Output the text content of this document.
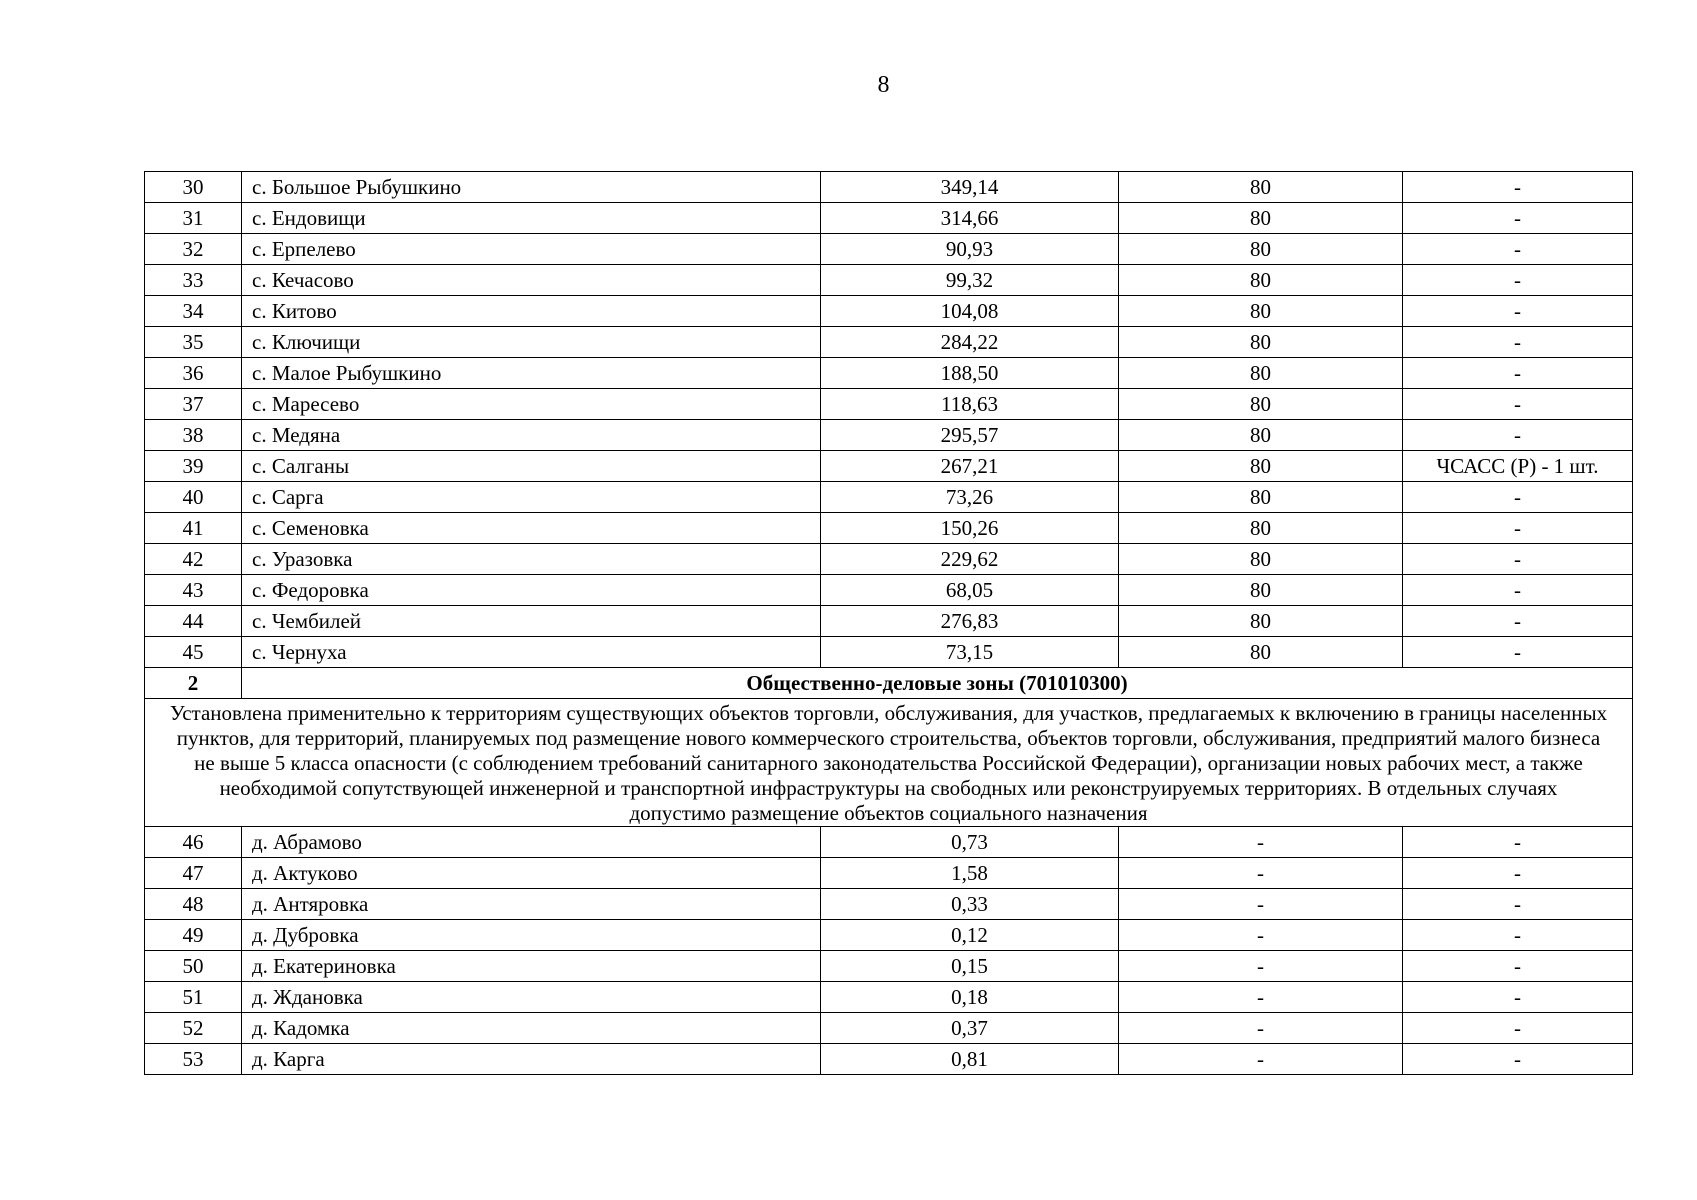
8
30	с. Большое Рыбушкино	349,14	80	-
31	с. Ендовищи	314,66	80	-
32	с. Ерпелево	90,93	80	-
33	с. Кечасово	99,32	80	-
34	с. Китово	104,08	80	-
35	с. Ключищи	284,22	80	-
36	с. Малое Рыбушкино	188,50	80	-
37	с. Маресево	118,63	80	-
38	с. Медяна	295,57	80	-
39	с. Салганы	267,21	80	ЧСАСС (Р) - 1 шт.
40	с. Сарга	73,26	80	-
41	с. Семеновка	150,26	80	-
42	с. Уразовка	229,62	80	-
43	с. Федоровка	68,05	80	-
44	с. Чембилей	276,83	80	-
45	с. Чернуха	73,15	80	-
2	Общественно-деловые зоны (701010300)			
Установлена применительно к территориям существующих объектов торговли, обслуживания, для участков, предлагаемых к включению в границы населенных пунктов, для территорий, планируемых под размещение нового коммерческого строительства, объектов торговли, обслуживания, предприятий малого бизнеса не выше 5 класса опасности (с соблюдением требований санитарного законодательства Российской Федерации), организации новых рабочих мест, а также необходимой сопутствующей инженерной и транспортной инфраструктуры на свободных или реконструируемых территориях. В отдельных случаях допустимо размещение объектов социального назначения				
46	д. Абрамово	0,73	-	-
47	д. Актуково	1,58	-	-
48	д. Антяровка	0,33	-	-
49	д. Дубровка	0,12	-	-
50	д. Екатериновка	0,15	-	-
51	д. Ждановка	0,18	-	-
52	д. Кадомка	0,37	-	-
53	д. Карга	0,81	-	-
